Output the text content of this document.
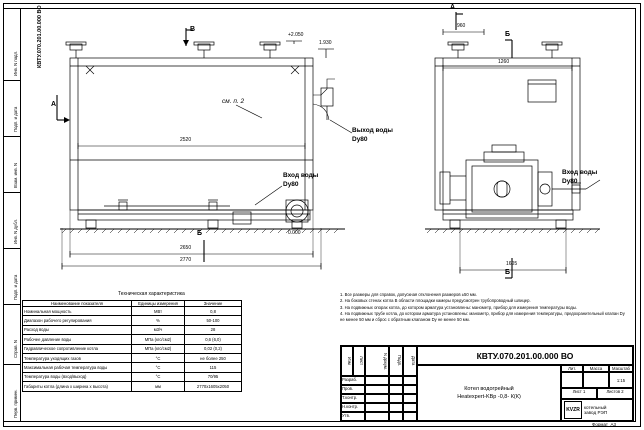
Инв. N подл.
Подп. и дата
Взам. инв. N
Инв. N дубл.
Подп. и дата
Справ. N
Перв. примен.
КВТУ.070.201.00.000 ВО	В
А
Б
А
Б
Б
+2.050
1.930
0.000
см. п. 2
Выход воды
Dy80
Вход воды
Dy80
Вход воды
Dy80
2520
2650
2770
960
1260
1605
Техническая характеристика
Наименование показателя	Единицы измерения	Значение
Номинальная мощность	МВт	0,8
Диапазон рабочего регулирования	%	50-100
Расход воды	м3/ч	28
Рабочее давление воды	МПа (кгс/см2)	0,6 (6,0)
Гидравлическое сопротивление котла	МПа (кгс/см2)	0,02 (0,2)
Температура уходящих газов	°С	не более 250
Максимальная рабочая температура воды	°С	115
Температура воды (вход/выход)	°С	70/95
Габариты котла (длина х ширина х высота)	мм	2770х1605х2050
1. Все размеры для справок, допускная отклонения размеров ±50 мм.
2. На боковых стенах котла В области площадки камеры предусмотрен трубопроводный шлицер.
3. На подвижных опорах котла, до котором арматура установлены: манометр, прибор для измерения температуры воды.
4. На подвижных трубе котла, до котором арматура установлены: манометр, прибор для измерения температуры, предохранительный клапан Dу не менее 50 мм и сброс с обратным клапаном Dу не менее 50 мм.
Изм	Лист	N докум.	Подп.	Дата
Разраб.
Пров.
Т.контр.
Н.контр.
Утв.
КВТУ.070.201.00.000 ВО
Котел водогрейный
Heatexpert-KBp -0,8- К(К)
Лит.	Масса	Масштаб
1:15
Лист 1	Листов 2
KVZR котельный
завод РЭП
Формат  А3
